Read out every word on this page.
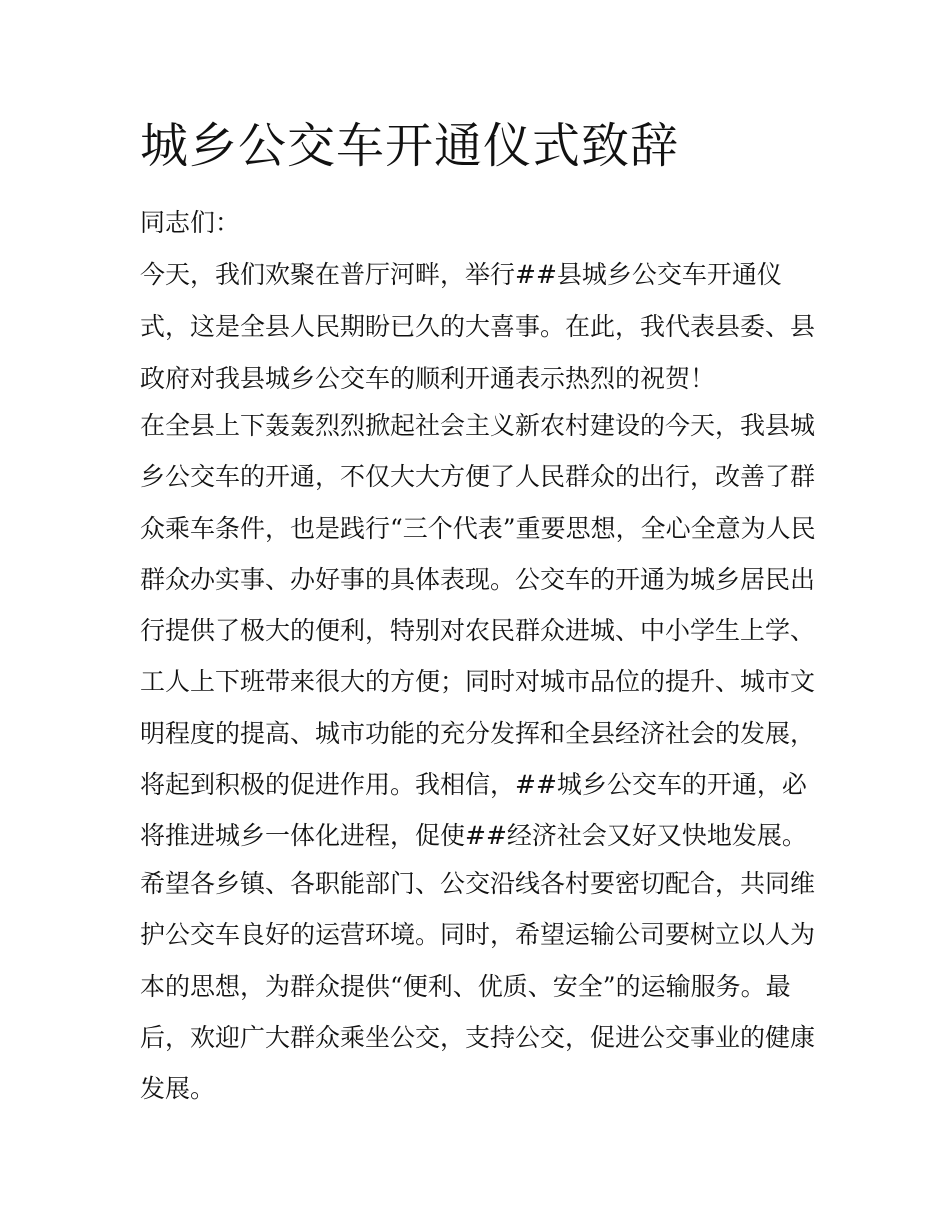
城乡公交车开通仪式致辞

同志们：

今天，我们欢聚在普厅河畔，举行##县城乡公交车开通仪

式，这是全县人民期盼已久的大喜事。在此，我代表县委、县

政府对我县城乡公交车的顺利开通表示热烈的祝贺！

在全县上下轰轰烈烈掀起社会主义新农村建设的今天，我县城

乡公交车的开通，不仅大大方便了人民群众的出行，改善了群

众乘车条件，也是践行“三个代表”重要思想，全心全意为人民

群众办实事、办好事的具体表现。公交车的开通为城乡居民出

行提供了极大的便利，特别对农民群众进城、中小学生上学、

工人上下班带来很大的方便；同时对城市品位的提升、城市文

明程度的提高、城市功能的充分发挥和全县经济社会的发展，

将起到积极的促进作用。我相信，##城乡公交车的开通，必

将推进城乡一体化进程，促使##经济社会又好又快地发展。

希望各乡镇、各职能部门、公交沿线各村要密切配合，共同维

护公交车良好的运营环境。同时，希望运输公司要树立以人为

本的思想，为群众提供“便利、优质、安全”的运输服务。最

后，欢迎广大群众乘坐公交，支持公交，促进公交事业的健康

发展。
